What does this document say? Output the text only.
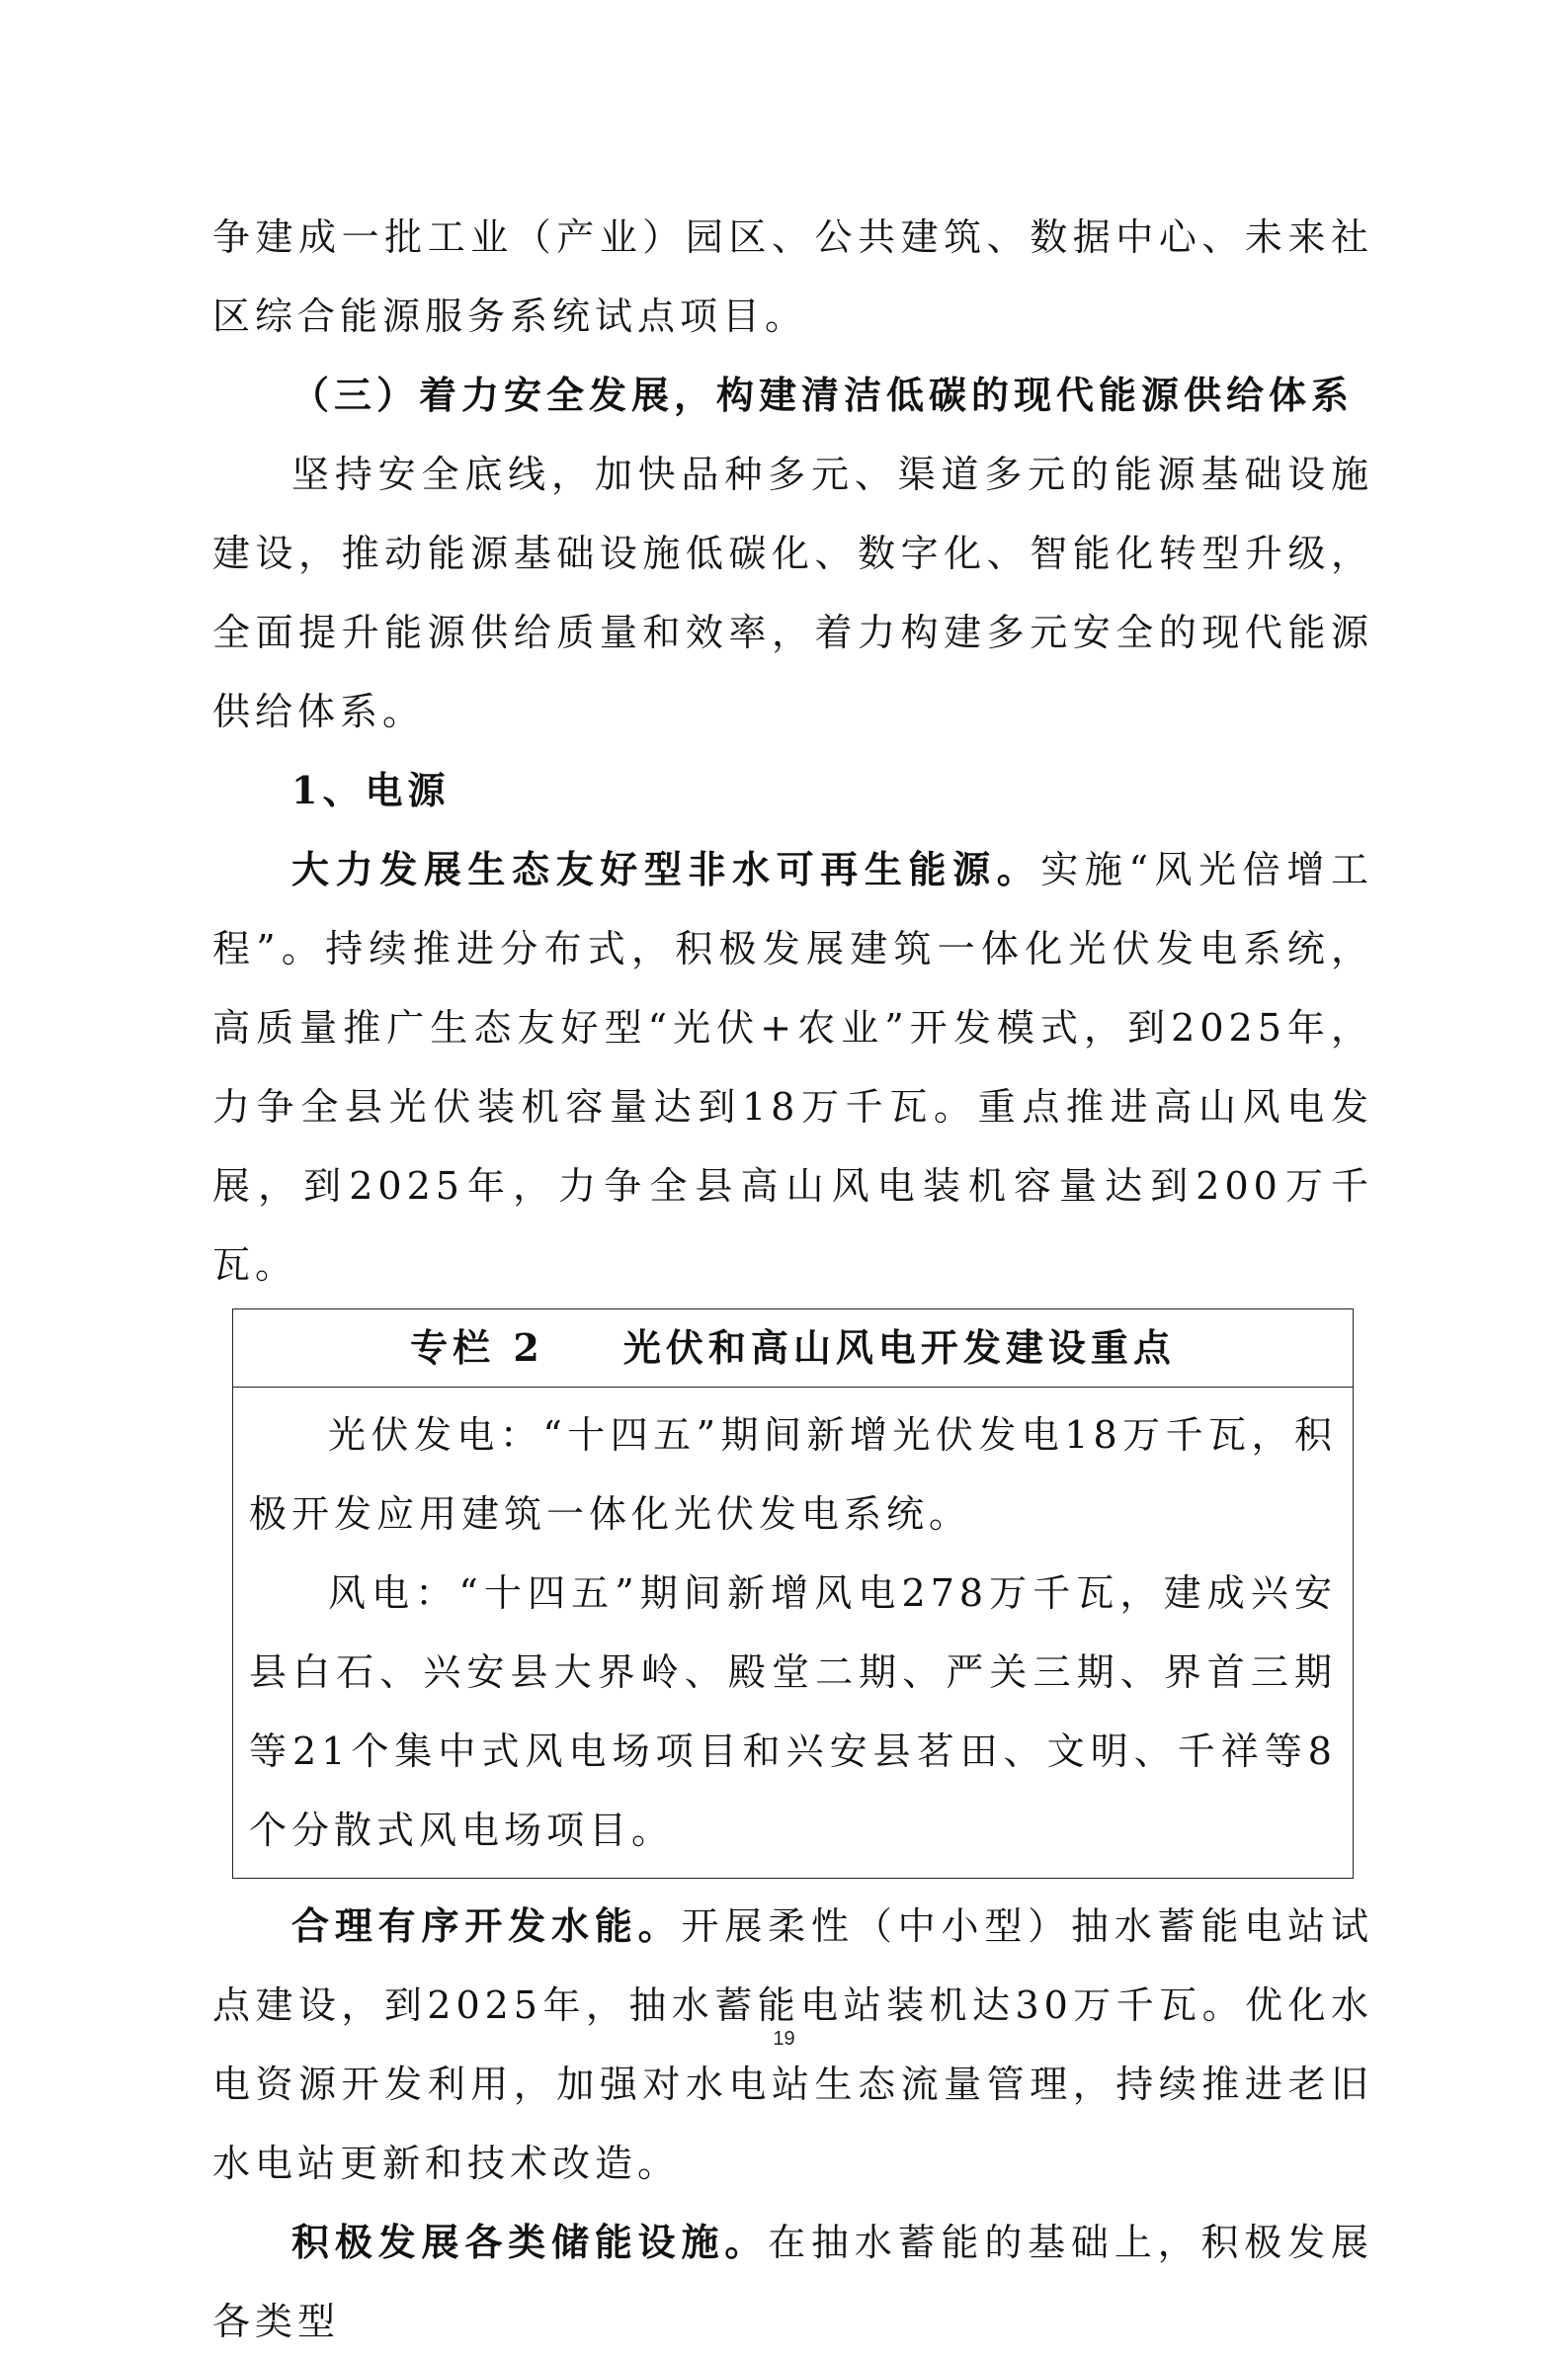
争建成一批工业（产业）园区、公共建筑、数据中心、未来社区综合能源服务系统试点项目。

（三）着力安全发展，构建清洁低碳的现代能源供给体系

坚持安全底线，加快品种多元、渠道多元的能源基础设施建设，推动能源基础设施低碳化、数字化、智能化转型升级，全面提升能源供给质量和效率，着力构建多元安全的现代能源供给体系。

1、电源

大力发展生态友好型非水可再生能源。实施“风光倍增工程”。持续推进分布式，积极发展建筑一体化光伏发电系统，高质量推广生态友好型“光伏+农业”开发模式，到2025年，力争全县光伏装机容量达到18万千瓦。重点推进高山风电发展，到2025年，力争全县高山风电装机容量达到200万千瓦。

专栏 2 光伏和高山风电开发建设重点

光伏发电：“十四五”期间新增光伏发电18万千瓦，积极开发应用建筑一体化光伏发电系统。

风电：“十四五”期间新增风电278万千瓦，建成兴安县白石、兴安县大界岭、殿堂二期、严关三期、界首三期等21个集中式风电场项目和兴安县茗田、文明、千祥等8个分散式风电场项目。

合理有序开发水能。开展柔性（中小型）抽水蓄能电站试点建设，到2025年，抽水蓄能电站装机达30万千瓦。优化水电资源开发利用，加强对水电站生态流量管理，持续推进老旧水电站更新和技术改造。

积极发展各类储能设施。在抽水蓄能的基础上，积极发展各类型

19
